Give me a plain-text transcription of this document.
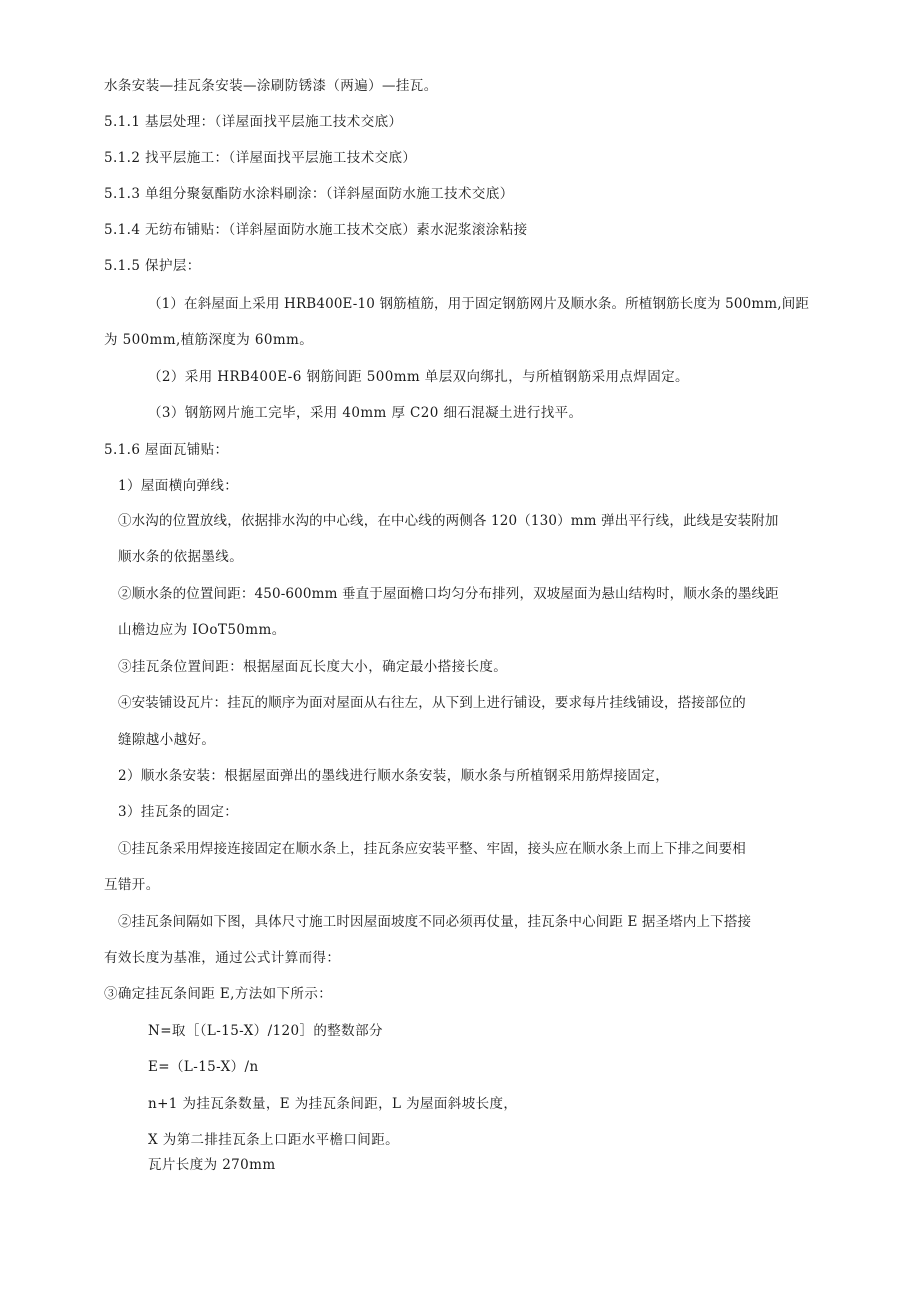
水条安装—挂瓦条安装—涂刷防锈漆（两遍）—挂瓦。
5.1.1 基层处理：（详屋面找平层施工技术交底）
5.1.2 找平层施工：（详屋面找平层施工技术交底）
5.1.3 单组分聚氨酯防水涂料刷涂：（详斜屋面防水施工技术交底）
5.1.4 无纺布铺贴：（详斜屋面防水施工技术交底）素水泥浆滚涂粘接
5.1.5 保护层：
（1）在斜屋面上采用 HRB400E-10 钢筋植筋，用于固定钢筋网片及顺水条。所植钢筋长度为 500mm,间距
为 500mm,植筋深度为 60mm。
（2）采用 HRB400E-6 钢筋间距 500mm 单层双向绑扎，与所植钢筋采用点焊固定。
（3）钢筋网片施工完毕，采用 40mm 厚 C20 细石混凝土进行找平。
5.1.6 屋面瓦铺贴：
1）屋面横向弹线：
①水沟的位置放线，依据排水沟的中心线，在中心线的两侧各 120（130）mm 弹出平行线，此线是安装附加
顺水条的依据墨线。
②顺水条的位置间距：450-600mm 垂直于屋面檐口均匀分布排列，双坡屋面为悬山结构时，顺水条的墨线距
山檐边应为 IOoT50mm。
③挂瓦条位置间距：根据屋面瓦长度大小，确定最小搭接长度。
④安装铺设瓦片：挂瓦的顺序为面对屋面从右往左，从下到上进行铺设，要求每片挂线铺设，搭接部位的
缝隙越小越好。
2）顺水条安装：根据屋面弹出的墨线进行顺水条安装，顺水条与所植钢采用筋焊接固定，
3）挂瓦条的固定：
①挂瓦条采用焊接连接固定在顺水条上，挂瓦条应安装平整、牢固，接头应在顺水条上而上下排之间要相
互错开。
②挂瓦条间隔如下图，具体尺寸施工时因屋面坡度不同必须再仗量，挂瓦条中心间距 E 据圣塔内上下搭接
有效长度为基准，通过公式计算而得：
③确定挂瓦条间距 E,方法如下所示：
N=取［（L-15-X）/120］的整数部分
E=（L-15-X）/n
n+1 为挂瓦条数量，E 为挂瓦条间距，L 为屋面斜坡长度，
X 为第二排挂瓦条上口距水平檐口间距。
瓦片长度为 270mm
